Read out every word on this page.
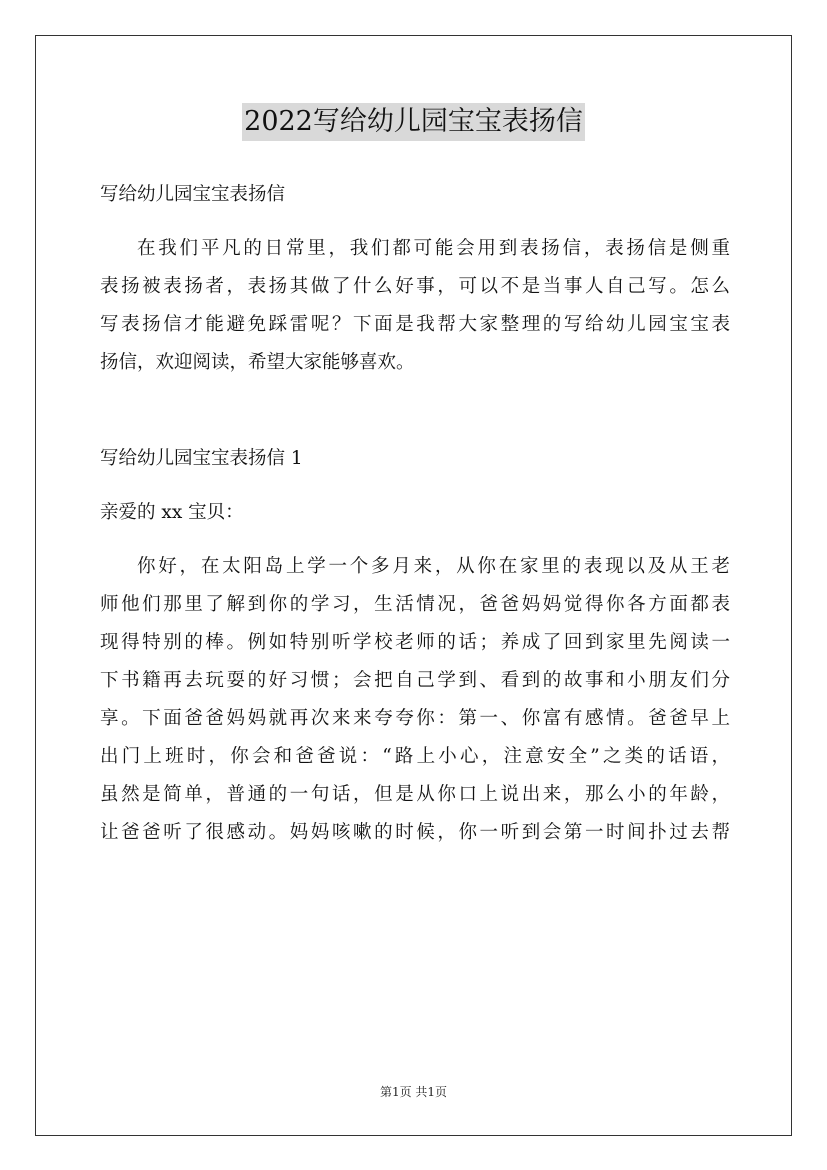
2022写给幼儿园宝宝表扬信
写给幼儿园宝宝表扬信
在我们平凡的日常里，我们都可能会用到表扬信，表扬信是侧重
表扬被表扬者，表扬其做了什么好事，可以不是当事人自己写。怎么
写表扬信才能避免踩雷呢？下面是我帮大家整理的写给幼儿园宝宝表
扬信，欢迎阅读，希望大家能够喜欢。
写给幼儿园宝宝表扬信 1
亲爱的 xx 宝贝：
你好，在太阳岛上学一个多月来，从你在家里的表现以及从王老
师他们那里了解到你的学习，生活情况，爸爸妈妈觉得你各方面都表
现得特别的棒。例如特别听学校老师的话；养成了回到家里先阅读一
下书籍再去玩耍的好习惯；会把自己学到、看到的故事和小朋友们分
享。下面爸爸妈妈就再次来来夸夸你：第一、你富有感情。爸爸早上
出门上班时，你会和爸爸说：“路上小心，注意安全”之类的话语，
虽然是简单，普通的一句话，但是从你口上说出来，那么小的年龄，
让爸爸听了很感动。妈妈咳嗽的时候，你一听到会第一时间扑过去帮
第1页 共1页
